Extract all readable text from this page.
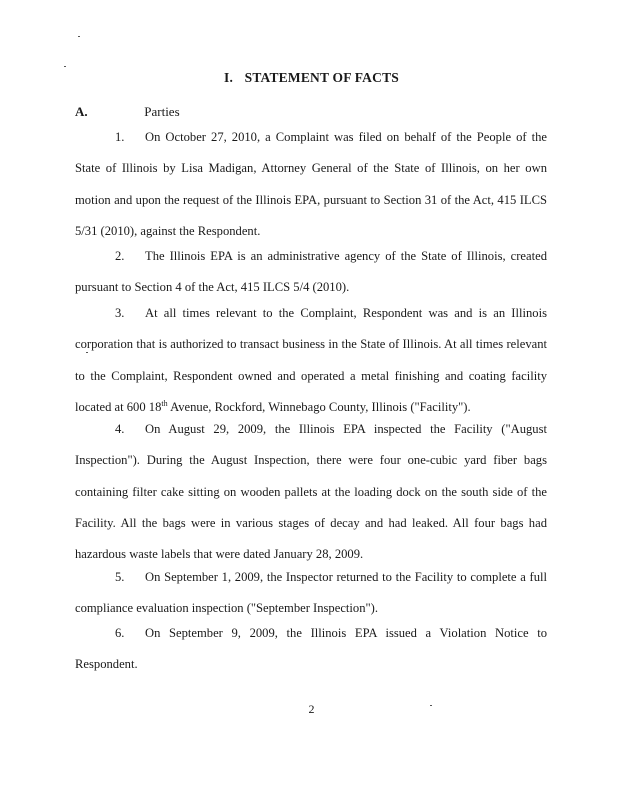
I. STATEMENT OF FACTS
A.	Parties
1. On October 27, 2010, a Complaint was filed on behalf of the People of the State of Illinois by Lisa Madigan, Attorney General of the State of Illinois, on her own motion and upon the request of the Illinois EPA, pursuant to Section 31 of the Act, 415 ILCS 5/31 (2010), against the Respondent.
2. The Illinois EPA is an administrative agency of the State of Illinois, created pursuant to Section 4 of the Act, 415 ILCS 5/4 (2010).
3. At all times relevant to the Complaint, Respondent was and is an Illinois corporation that is authorized to transact business in the State of Illinois. At all times relevant to the Complaint, Respondent owned and operated a metal finishing and coating facility located at 600 18th Avenue, Rockford, Winnebago County, Illinois ("Facility").
4. On August 29, 2009, the Illinois EPA inspected the Facility ("August Inspection"). During the August Inspection, there were four one-cubic yard fiber bags containing filter cake sitting on wooden pallets at the loading dock on the south side of the Facility. All the bags were in various stages of decay and had leaked. All four bags had hazardous waste labels that were dated January 28, 2009.
5. On September 1, 2009, the Inspector returned to the Facility to complete a full compliance evaluation inspection ("September Inspection").
6. On September 9, 2009, the Illinois EPA issued a Violation Notice to Respondent.
2
